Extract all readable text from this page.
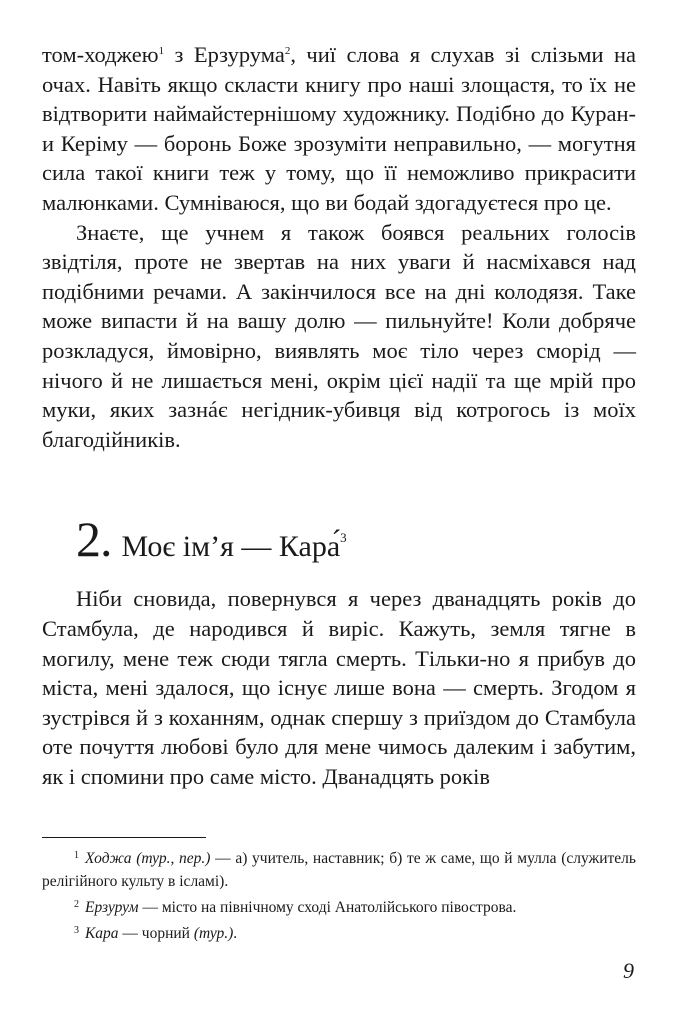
том-ходжею$^1$ з Ерзурума$^2$, чиї слова я слухав зі слізьми на очах. Навіть якщо скласти книгу про наші злощастя, то їх не відтворити наймайстернішому художнику. Подібно до Куран-и Керіму — боронь Боже зрозуміти неправильно, — могутня сила такої книги теж у тому, що її неможливо прикрасити малюнками. Сумніваюся, що ви бодай здогадуєтеся про це.

Знаєте, ще учнем я також боявся реальних голосів звідтіля, проте не звертав на них уваги й насміхався над подібними речами. А закінчилося все на дні колодязя. Таке може випасти й на вашу долю — пильнуйте! Коли добряче розкладуся, ймовірно, виявлять моє тіло через сморід — нічого й не лишається мені, окрім цієї надії та ще мрій про муки, яких зазнáє негідник-убивця від котрогось із моїх благодійників.

2. Моє ім’я — Кара́$^3$

Ніби сновида, повернувся я через дванадцять років до Стамбула, де народився й виріс. Кажуть, земля тягне в могилу, мене теж сюди тягла смерть. Тільки-но я прибув до міста, мені здалося, що існує лише вона — смерть. Згодом я зустрівся й з коханням, однак спершу з приїздом до Стамбула оте почуття любові було для мене чимось далеким і забутим, як і спомини про саме місто. Дванадцять років

$^1$ Ходжа (тур., пер.) — а) учитель, наставник; б) те ж саме, що й мулла (служитель релігійного культу в ісламі).

$^2$ Ерзурум — місто на північному сході Анатолійського півострова.

$^3$ Кара — чорний (тур.).

9
